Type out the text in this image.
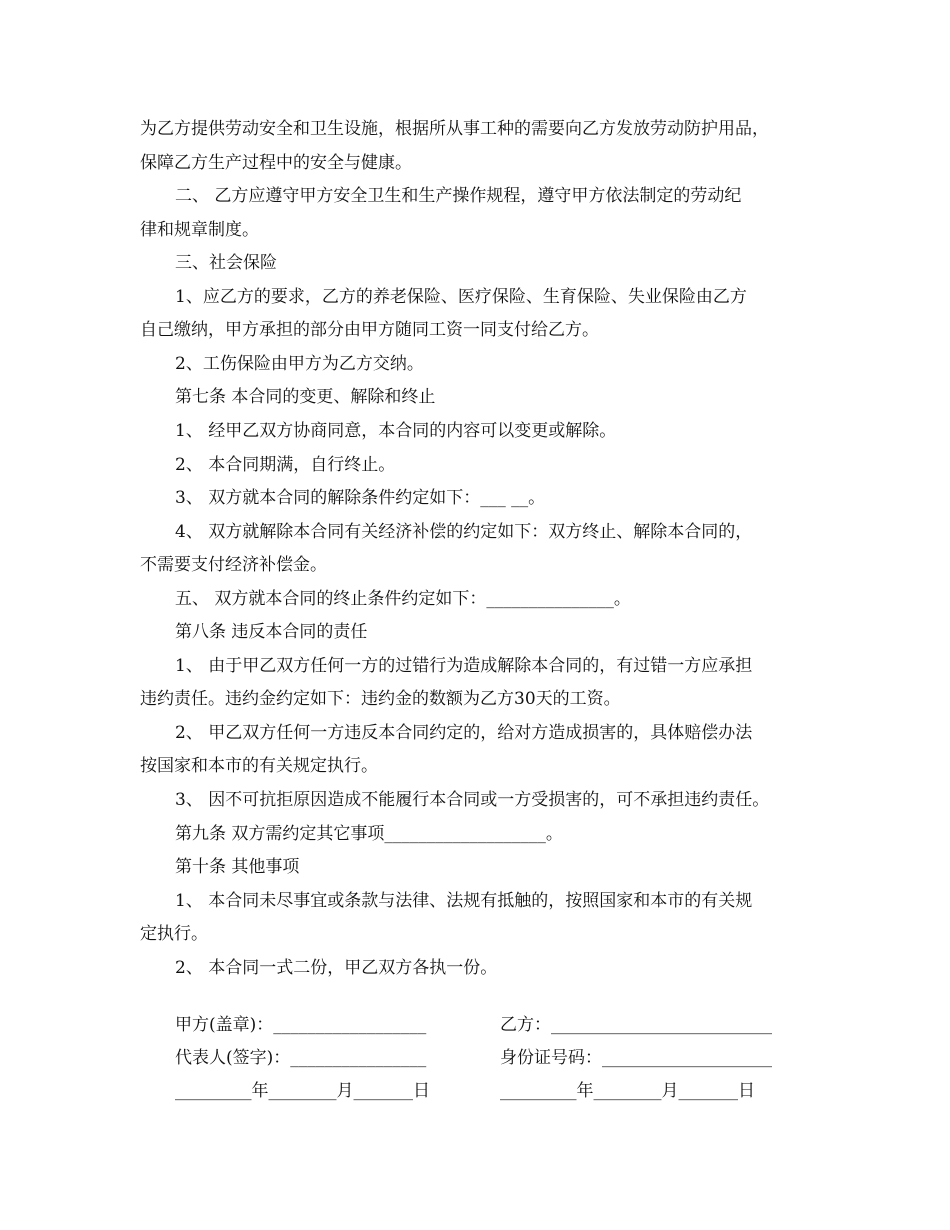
为乙方提供劳动安全和卫生设施，根据所从事工种的需要向乙方发放劳动防护用品，
保障乙方生产过程中的安全与健康。
二、 乙方应遵守甲方安全卫生和生产操作规程，遵守甲方依法制定的劳动纪
律和规章制度。
三、社会保险
1、应乙方的要求，乙方的养老保险、医疗保险、生育保险、失业保险由乙方
自己缴纳，甲方承担的部分由甲方随同工资一同支付给乙方。
2、工伤保险由甲方为乙方交纳。
第七条 本合同的变更、解除和终止
1、 经甲乙双方协商同意，本合同的内容可以变更或解除。
2、 本合同期满，自行终止。
3、 双方就本合同的解除条件约定如下：___ __。
4、 双方就解除本合同有关经济补偿的约定如下：双方终止、解除本合同的，
不需要支付经济补偿金。
五、 双方就本合同的终止条件约定如下：_______________。
第八条 违反本合同的责任
1、 由于甲乙双方任何一方的过错行为造成解除本合同的，有过错一方应承担
违约责任。违约金约定如下：违约金的数额为乙方30天的工资。
2、 甲乙双方任何一方违反本合同约定的，给对方造成损害的，具体赔偿办法
按国家和本市的有关规定执行。
3、 因不可抗拒原因造成不能履行本合同或一方受损害的，可不承担违约责任。
第九条 双方需约定其它事项___________________。
第十条 其他事项
1、 本合同未尽事宜或条款与法律、法规有抵触的，按照国家和本市的有关规
定执行。
2、 本合同一式二份，甲乙双方各执一份。
甲方(盖章)：__________________	乙方：__________________________
代表人(签字)：________________	身份证号码：____________________
_________年________月_______日	_________年________月_______日
